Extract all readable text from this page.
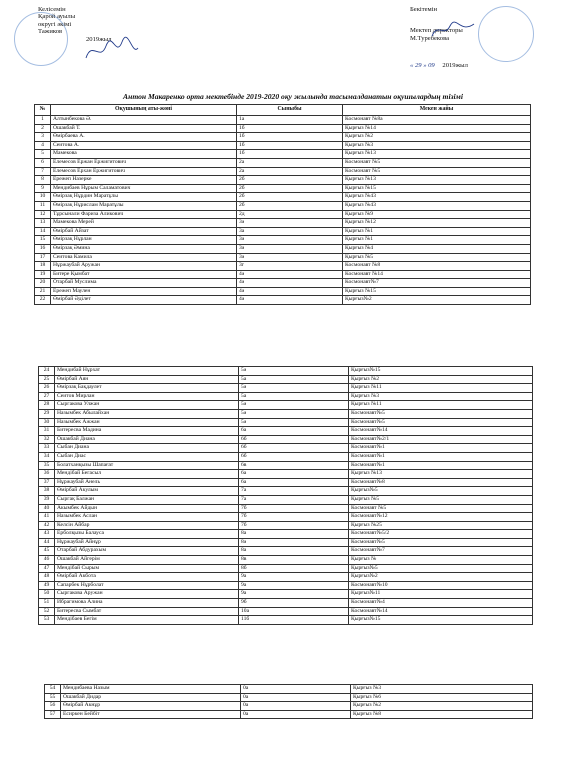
Келісемін
Қарой ауылы
округі әкімі
Тажиков
2019жыл
Бекітемін
Мектеп директоры
М.Туребекова
« 29 » 09 2019жыл
Антон Макаренко орта мектебінде 2019-2020 оқу жылында тасымалданатын оқушылардың тізімі
№	Оқушының аты-жөні	Сыныбы	Мекен жайы
1	Алтынбекова Ә.	1а	Космонавт №8а
2	Ошакбай Т.	1б	Қырғыз №14
3	Өмірбаева А.	1б	Қырғыз №2
4	Сеитова А.	1б	Қырғыз №3
5	Мамекова	1б	Қырғыз №13
6	Елемесов Ержан Ержигитович	2а	Космонавт №5
7	Елемесов Ерхан Ержигитович	2а	Космонавт №5
8	Ережеп Назерке	2б	Қырғыз №13
9	Мендибаев Нұрым Саламатович	2б	Қырғыз №15
10	Өмірзақ Нұрдин Маратұлы	2б	Қырғыз №43
11	Өмірзақ Нұрислам Маратұлы	2б	Қырғыз №43
12	Тұрсынали Фариза Аликович	2д	Қырғыз №9
13	Мамекова Мерей	3ә	Қырғыз №12
14	Өмірбай Айзат	3а	Қырғыз №1
15	Өмірзақ Нұрлан	3ә	Қырғыз №1
16	Өмірзақ Әмина	3ә	Қырғыз №4
17	Сеитова Камила	3ә	Қырғыз №5
18	Нұржаубай Аружан	3г	Космонавт №8
19	Битере Қымбат	4ә	Космонавт №14
20	Отарбай Муслима	4ә	Космонавт№7
21	Ережеп Маулен	4ә	Қырғыз №15
22	Өмірбай Әділет	4ә	Қырғыз№2
24	Мендибай Нұрхат	5ә	Қырғыз№15
25	Өмірбай Аян	5а	Қырғыз №2
26	Өмірзақ Бақдаулет	5ә	Қырғыз №11
27	Сеитов Мирлан	5а	Қырғыз №3
28	Сыргакова Улжан	5ә	Қырғыз №11
29	Назымбек Абылайхан	5ә	Космонавт№5
30	Назымбек Ажжан	5ә	Космонавт№5
31	Битересва Мадина	6а	Космонавт№14
32	Ошакбай Диана	6б	Космонавт№2/1
33	Сыбан Диана	6б	Космонавт№1
34	Сыбан Диас	6б	Космонавт№1
35	Болатханқызы Шапағат	6в	Космонавт№1
36	Мендібай Бегасыл	6а	Қырғыз №13
37	Нұржаубай Анель	6а	Космонавт№8
38	Өмірбай Акулым	7а	Қырғыз№5
39	Сыргақ Балжан	7а	Қырғыз №5
40	Акымбек Айдын	7б	Космонавт №5
41	Назымбек Аслан	7б	Космонавт№12
42	Келсін Айбар	7б	Қырғыз №25
43	Ерболқызы Балауса	8а	Космонавт№5/2
44	Нұржаубай Айнұр	8ә	Космонавт№5
45	Отарбай Абдурахым	8а	Космонавт№7
46	Ошакбай Айгерім	8в	Қырғыз №
47	Мендібай Сырым	8б	Қырғыз№5
48	Өмірбай Акбота	9а	Қырғыз№2
49	Сапарбек Нұрболат	9а	Космонавт№10
50	Сыргакова Аружан	9а	Қырғыз№11
51	Ибрагимова Алина	9б	Космонавт№4
52	Битересва Сымбат	10а	Космонавт№14
53	Мендібаев Бегім	11б	Қырғыз№15
54	Мендибаева Назым	0а	Қырғыз №3
55	Ошакбай Дидар	0а	Қырғыз №6
56	Өмірбай Акнұр	0а	Қырғыз №2
57	Есиркен Бейбіт	0а	Қырғыз №8
